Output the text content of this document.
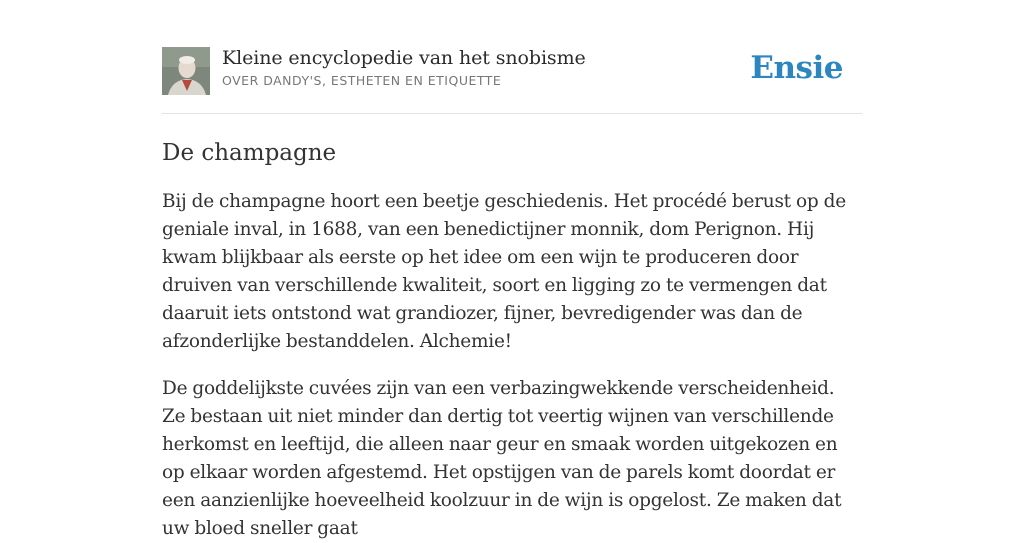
Kleine encyclopedie van het snobisme
OVER DANDY'S, ESTHETEN EN ETIQUETTE	Ensie
De champagne

Bij de champagne hoort een beetje geschiedenis. Het procédé berust op de geniale inval, in 1688, van een benedictijner monnik, dom Perignon. Hij kwam blijkbaar als eerste op het idee om een wijn te produceren door druiven van verschillende kwaliteit, soort en ligging zo te vermengen dat daaruit iets ontstond wat grandiozer, fijner, bevredigender was dan de afzonderlijke bestanddelen. Alchemie!

De goddelijkste cuvées zijn van een verbazingwekkende verscheidenheid. Ze bestaan uit niet minder dan dertig tot veertig wijnen van verschillende herkomst en leeftijd, die alleen naar geur en smaak worden uitgekozen en op elkaar worden afgestemd. Het opstijgen van de parels komt doordat er een aanzienlijke hoeveelheid koolzuur in de wijn is opgelost. Ze maken dat uw bloed sneller gaat
